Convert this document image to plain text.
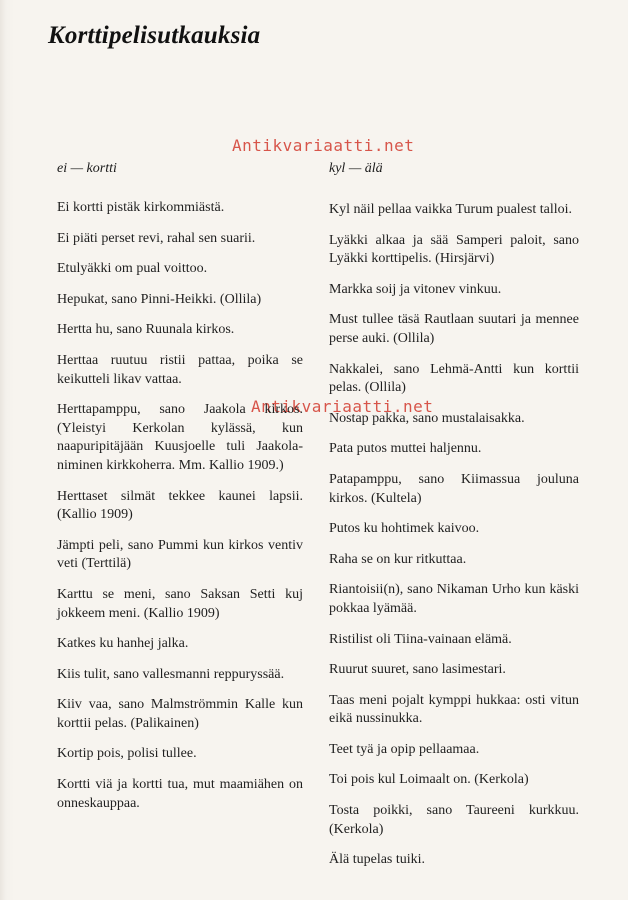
Korttipelisutkauksia
Antikvariaatti.net
Antikvariaatti.net
ei — kortti
Ei kortti pistäk kirkommiästä.
Ei piäti perset revi, rahal sen suarii.
Etulyäkki om pual voittoo.
Hepukat, sano Pinni-Heikki. (Ollila)
Hertta hu, sano Ruunala kirkos.
Herttaa ruutuu ristii pattaa, poika se keikutteli likav vattaa.
Herttapamppu, sano Jaakola kirkos. (Yleistyi Kerkolan kylässä, kun naapuripitäjään Kuusjoelle tuli Jaakola-niminen kirkkoherra. Mm. Kallio 1909.)
Herttaset silmät tekkee kaunei lapsii. (Kallio 1909)
Jämpti peli, sano Pummi kun kirkos ventiv veti (Terttilä)
Karttu se meni, sano Saksan Setti kuj jokkeem meni. (Kallio 1909)
Katkes ku hanhej jalka.
Kiis tulit, sano vallesmanni reppuryssää.
Kiiv vaa, sano Malmströmmin Kalle kun korttii pelas. (Palikainen)
Kortip pois, polisi tullee.
Kortti viä ja kortti tua, mut maamiähen on onneskauppaa.
kyl — älä
Kyl näil pellaa vaikka Turum pualest talloi.
Lyäkki alkaa ja sää Samperi paloit, sano Lyäkki korttipelis. (Hirsjärvi)
Markka soij ja vitonev vinkuu.
Must tullee täsä Rautlaan suutari ja mennee perse auki. (Ollila)
Nakkalei, sano Lehmä-Antti kun korttii pelas. (Ollila)
Nostap pakka, sano mustalaisakka.
Pata putos muttei haljennu.
Patapamppu, sano Kiimassua jouluna kirkos. (Kultela)
Putos ku hohtimek kaivoo.
Raha se on kur ritkuttaa.
Riantoisii(n), sano Nikaman Urho kun käski pokkaa lyämää.
Ristilist oli Tiina-vainaan elämä.
Ruurut suuret, sano lasimestari.
Taas meni pojalt kymppi hukkaa: osti vitun eikä nussinukka.
Teet tyä ja opip pellaamaa.
Toi pois kul Loimaalt on. (Kerkola)
Tosta poikki, sano Taureeni kurkkuu. (Kerkola)
Älä tupelas tuiki.
